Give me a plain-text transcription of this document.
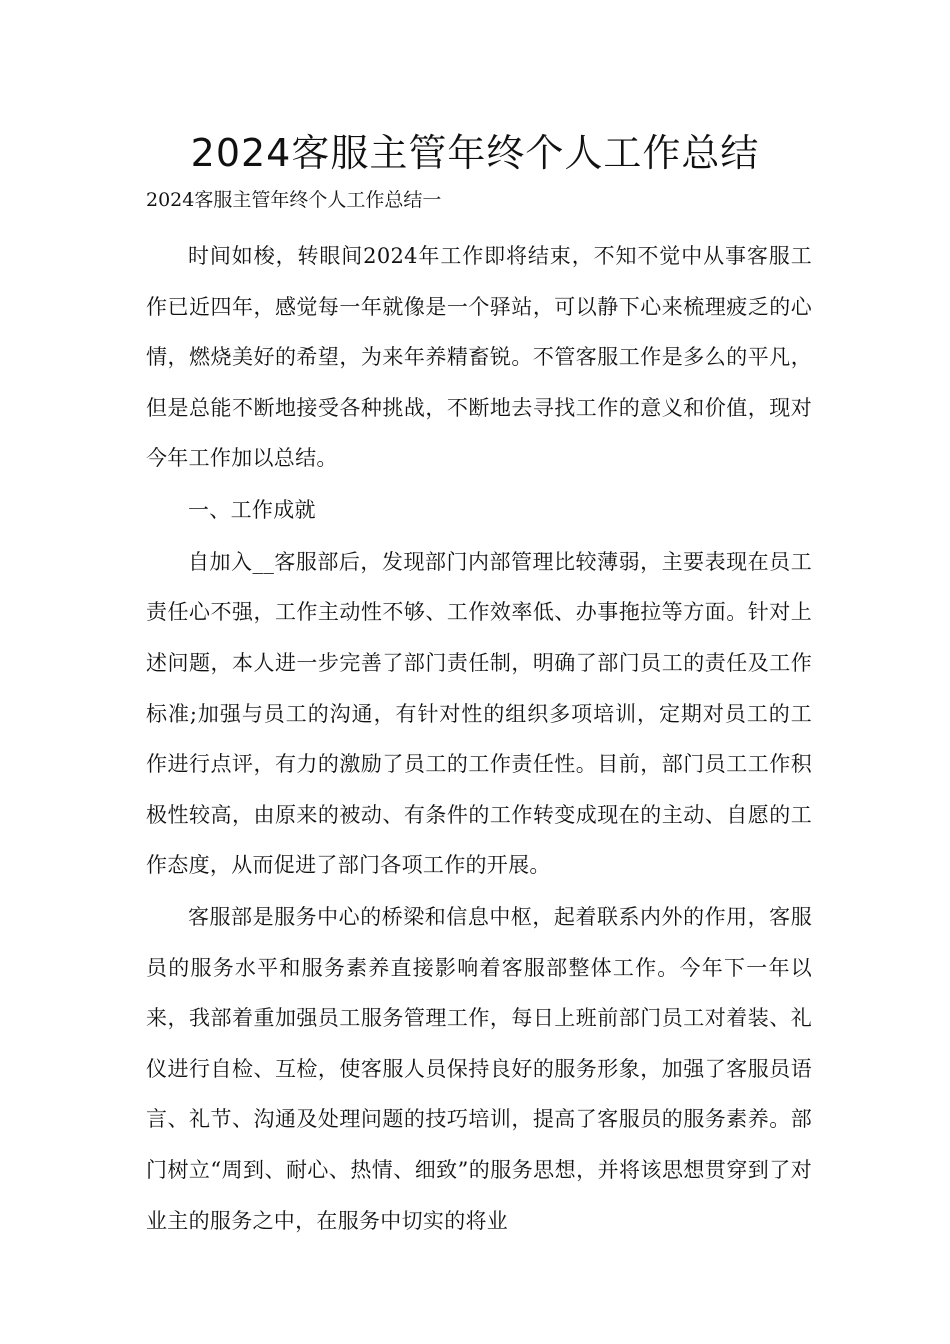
2024客服主管年终个人工作总结
2024客服主管年终个人工作总结一

时间如梭，转眼间2024年工作即将结束，不知不觉中从事客服工作已近四年，感觉每一年就像是一个驿站，可以静下心来梳理疲乏的心情，燃烧美好的希望，为来年养精畜锐。不管客服工作是多么的平凡，但是总能不断地接受各种挑战，不断地去寻找工作的意义和价值，现对今年工作加以总结。

一、工作成就

自加入__客服部后，发现部门内部管理比较薄弱，主要表现在员工责任心不强，工作主动性不够、工作效率低、办事拖拉等方面。针对上述问题，本人进一步完善了部门责任制，明确了部门员工的责任及工作标准;加强与员工的沟通，有针对性的组织多项培训，定期对员工的工作进行点评，有力的激励了员工的工作责任性。目前，部门员工工作积极性较高，由原来的被动、有条件的工作转变成现在的主动、自愿的工作态度，从而促进了部门各项工作的开展。

客服部是服务中心的桥梁和信息中枢，起着联系内外的作用，客服员的服务水平和服务素养直接影响着客服部整体工作。今年下一年以来，我部着重加强员工服务管理工作，每日上班前部门员工对着装、礼仪进行自检、互检，使客服人员保持良好的服务形象，加强了客服员语言、礼节、沟通及处理问题的技巧培训，提高了客服员的服务素养。部门树立“周到、耐心、热情、细致”的服务思想，并将该思想贯穿到了对业主的服务之中，在服务中切实的将业
